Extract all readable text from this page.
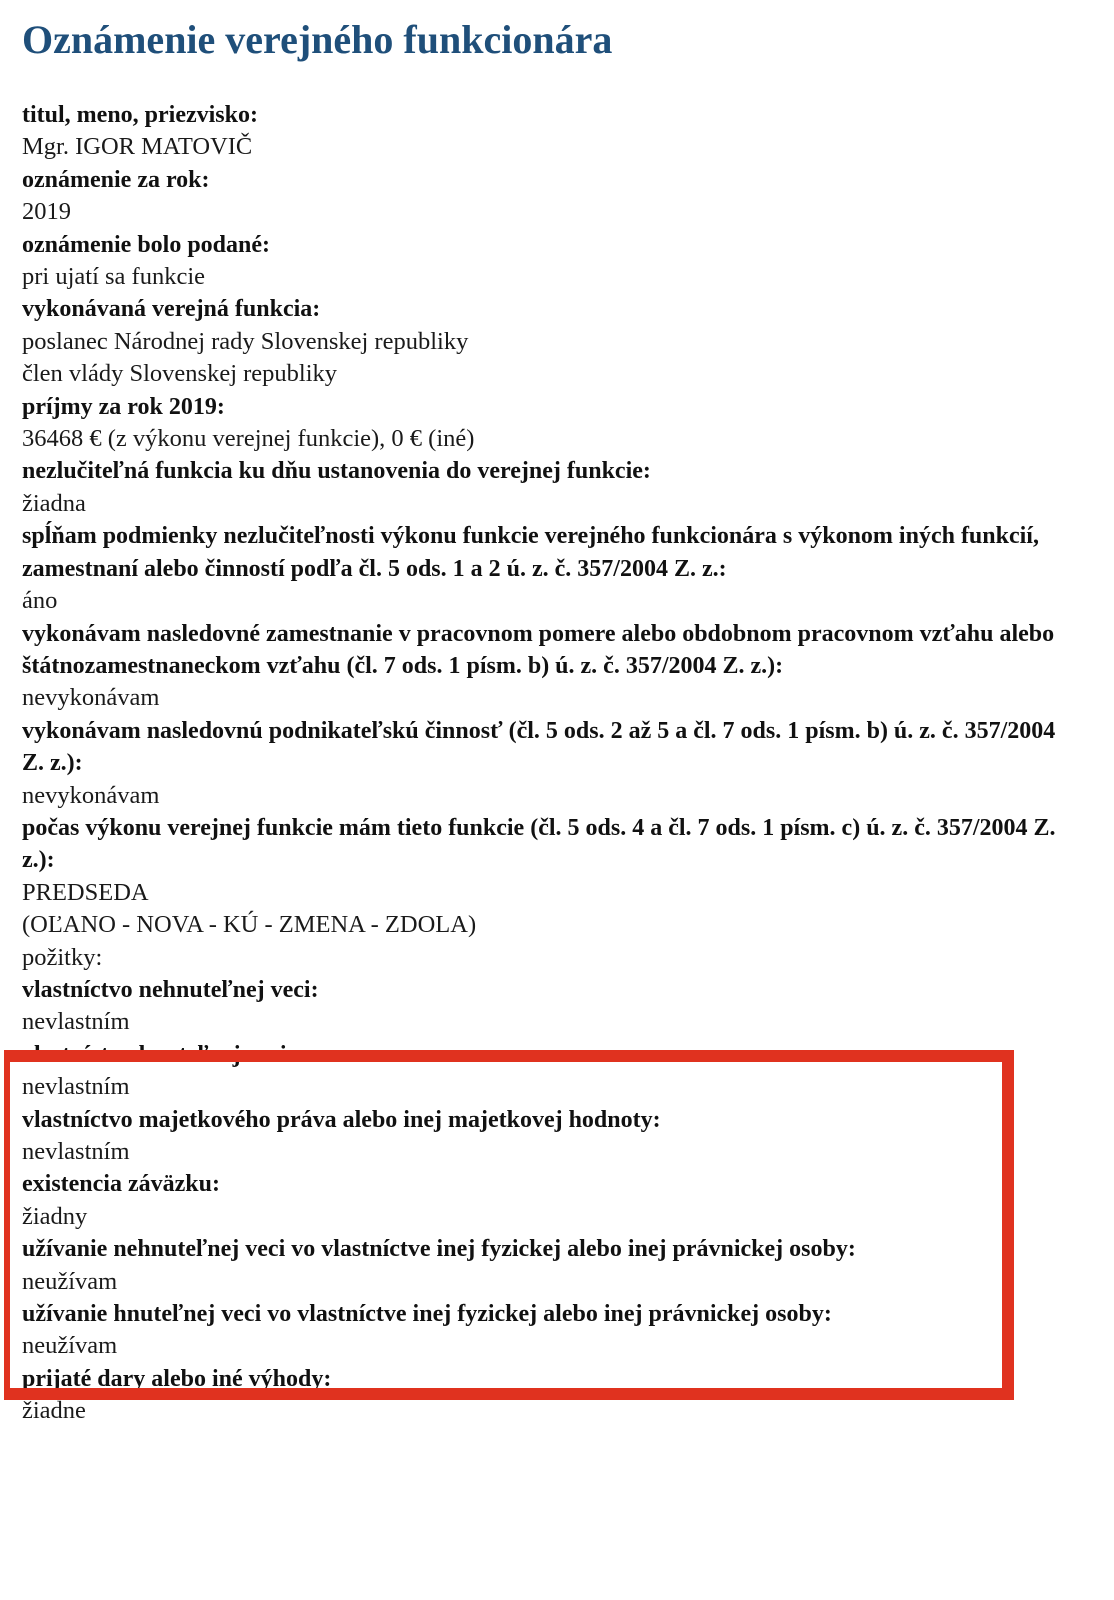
Oznámenie verejného funkcionára
titul, meno, priezvisko:
Mgr. IGOR MATOVIČ
oznámenie za rok:
2019
oznámenie bolo podané:
pri ujatí sa funkcie
vykonávaná verejná funkcia:
poslanec Národnej rady Slovenskej republiky
člen vlády Slovenskej republiky
príjmy za rok 2019:
36468 € (z výkonu verejnej funkcie), 0 € (iné)
nezlučiteľná funkcia ku dňu ustanovenia do verejnej funkcie:
žiadna
spĺňam podmienky nezlučiteľnosti výkonu funkcie verejného funkcionára s výkonom iných funkcií, zamestnaní alebo činností podľa čl. 5 ods. 1 a 2 ú. z. č. 357/2004 Z. z.:
áno
vykonávam nasledovné zamestnanie v pracovnom pomere alebo obdobnom pracovnom vzťahu alebo štátnozamestnaneckom vzťahu (čl. 7 ods. 1 písm. b) ú. z. č. 357/2004 Z. z.):
nevykonávam
vykonávam nasledovnú podnikateľskú činnosť (čl. 5 ods. 2 až 5 a čl. 7 ods. 1 písm. b) ú. z. č. 357/2004 Z. z.):
nevykonávam
počas výkonu verejnej funkcie mám tieto funkcie (čl. 5 ods. 4 a čl. 7 ods. 1 písm. c) ú. z. č. 357/2004 Z. z.):
PREDSEDA
(OĽANO - NOVA - KÚ - ZMENA - ZDOLA)
požitky:
vlastníctvo nehnuteľnej veci:
nevlastním
vlastníctvo hnuteľnej veci:
nevlastním
vlastníctvo majetkového práva alebo inej majetkovej hodnoty:
nevlastním
existencia záväzku:
žiadny
užívanie nehnuteľnej veci vo vlastníctve inej fyzickej alebo inej právnickej osoby:
neužívam
užívanie hnuteľnej veci vo vlastníctve inej fyzickej alebo inej právnickej osoby:
neužívam
prijaté dary alebo iné výhody:
žiadne
